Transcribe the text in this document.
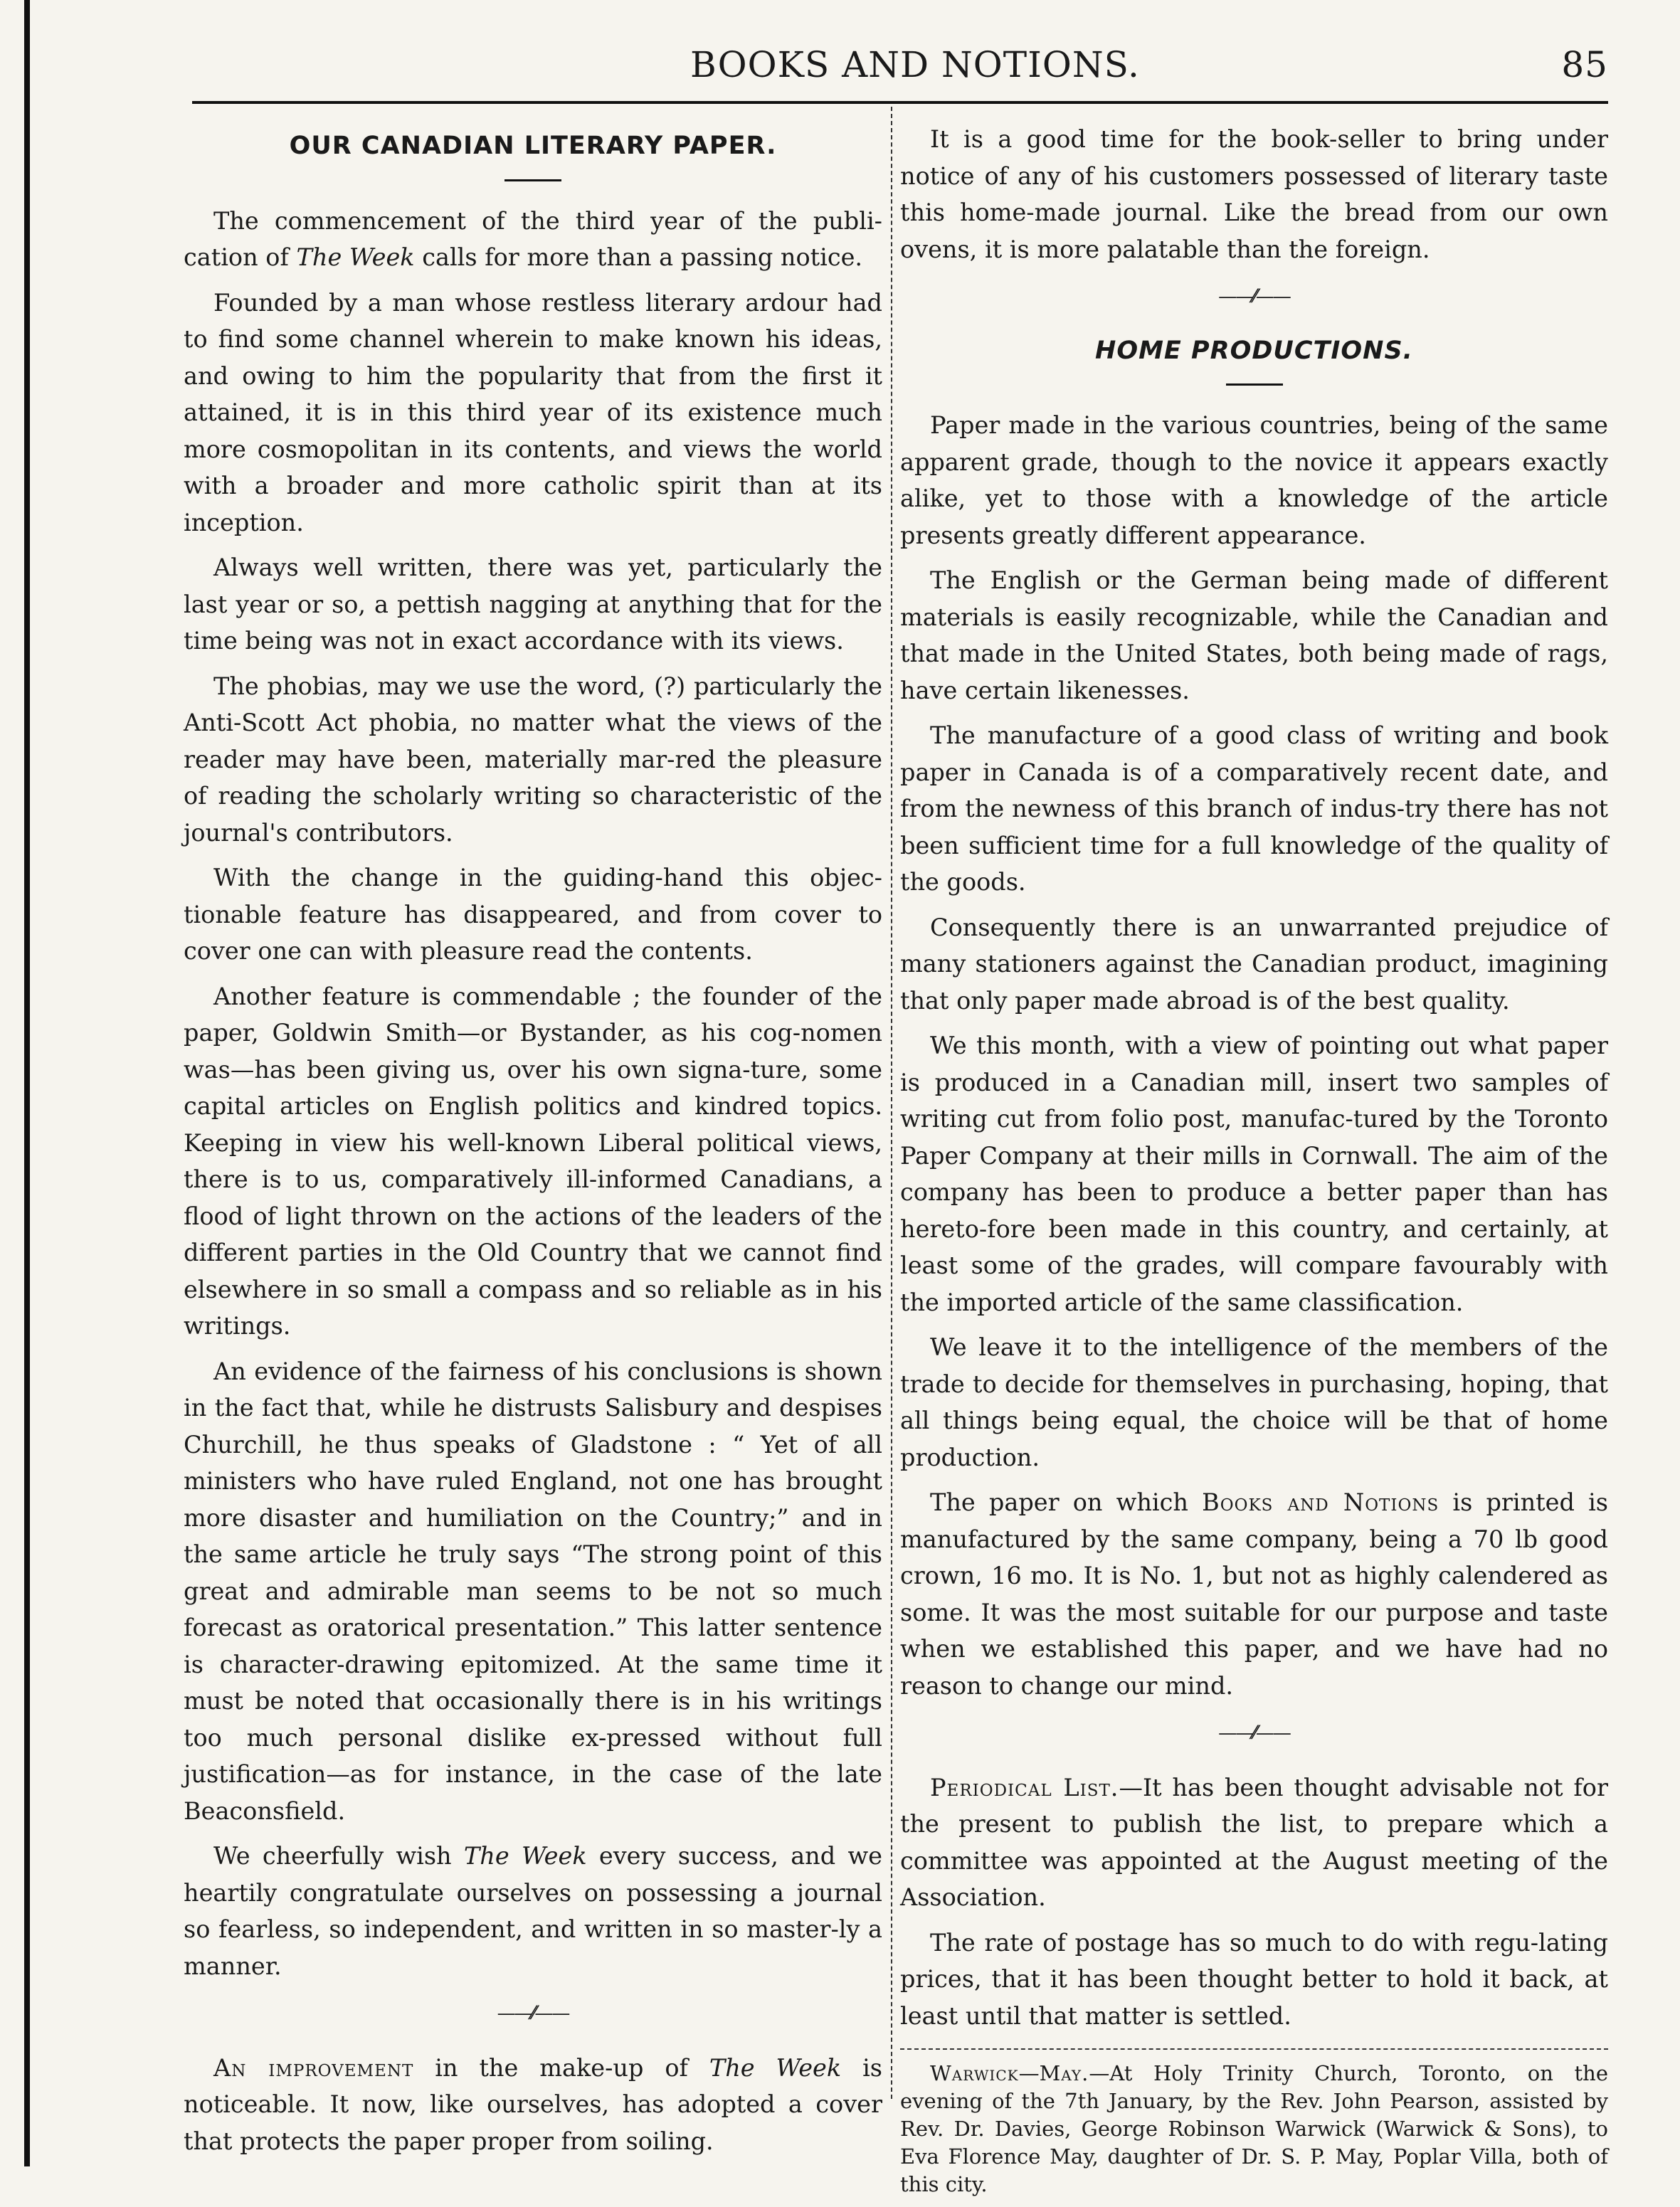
BOOKS AND NOTIONS.	85
OUR CANADIAN LITERARY PAPER.

The commencement of the third year of the publi-cation of The Week calls for more than a passing notice.

Founded by a man whose restless literary ardour had to find some channel wherein to make known his ideas, and owing to him the popularity that from the first it attained, it is in this third year of its existence much more cosmopolitan in its contents, and views the world with a broader and more catholic spirit than at its inception.

Always well written, there was yet, particularly the last year or so, a pettish nagging at anything that for the time being was not in exact accordance with its views.

The phobias, may we use the word, (?) particularly the Anti-Scott Act phobia, no matter what the views of the reader may have been, materially mar-red the pleasure of reading the scholarly writing so characteristic of the journal's contributors.

With the change in the guiding-hand this objec-tionable feature has disappeared, and from cover to cover one can with pleasure read the contents.

Another feature is commendable ; the founder of the paper, Goldwin Smith—or Bystander, as his cog-nomen was—has been giving us, over his own signa-ture, some capital articles on English politics and kindred topics. Keeping in view his well-known Liberal political views, there is to us, comparatively ill-informed Canadians, a flood of light thrown on the actions of the leaders of the different parties in the Old Country that we cannot find elsewhere in so small a compass and so reliable as in his writings.

An evidence of the fairness of his conclusions is shown in the fact that, while he distrusts Salisbury and despises Churchill, he thus speaks of Gladstone : “ Yet of all ministers who have ruled England, not one has brought more disaster and humiliation on the Country;” and in the same article he truly says “The strong point of this great and admirable man seems to be not so much forecast as oratorical presentation.” This latter sentence is character-drawing epitomized. At the same time it must be noted that occasionally there is in his writings too much personal dislike ex-pressed without full justification—as for instance, in the case of the late Beaconsfield.

We cheerfully wish The Week every success, and we heartily congratulate ourselves on possessing a journal so fearless, so independent, and written in so master-ly a manner.

——⁄⁄——

An improvement in the make-up of The Week is noticeable. It now, like ourselves, has adopted a cover that protects the paper proper from soiling.

It is a good time for the book-seller to bring under notice of any of his customers possessed of literary taste this home-made journal. Like the bread from our own ovens, it is more palatable than the foreign.

——⁄⁄——
HOME PRODUCTIONS.

Paper made in the various countries, being of the same apparent grade, though to the novice it appears exactly alike, yet to those with a knowledge of the article presents greatly different appearance.

The English or the German being made of different materials is easily recognizable, while the Canadian and that made in the United States, both being made of rags, have certain likenesses.

The manufacture of a good class of writing and book paper in Canada is of a comparatively recent date, and from the newness of this branch of indus-try there has not been sufficient time for a full knowledge of the quality of the goods.

Consequently there is an unwarranted prejudice of many stationers against the Canadian product, imagining that only paper made abroad is of the best quality.

We this month, with a view of pointing out what paper is produced in a Canadian mill, insert two samples of writing cut from folio post, manufac-tured by the Toronto Paper Company at their mills in Cornwall. The aim of the company has been to produce a better paper than has hereto-fore been made in this country, and certainly, at least some of the grades, will compare favourably with the imported article of the same classification.

We leave it to the intelligence of the members of the trade to decide for themselves in purchasing, hoping, that all things being equal, the choice will be that of home production.

The paper on which Books and Notions is printed is manufactured by the same company, being a 70 lb good crown, 16 mo. It is No. 1, but not as highly calendered as some. It was the most suitable for our purpose and taste when we established this paper, and we have had no reason to change our mind.

——⁄⁄——

Periodical List.—It has been thought advisable not for the present to publish the list, to prepare which a committee was appointed at the August meeting of the Association.

The rate of postage has so much to do with regu-lating prices, that it has been thought better to hold it back, at least until that matter is settled.

Warwick—May.—At Holy Trinity Church, Toronto, on the evening of the 7th January, by the Rev. John Pearson, assisted by Rev. Dr. Davies, George Robinson Warwick (Warwick & Sons), to Eva Florence May, daughter of Dr. S. P. May, Poplar Villa, both of this city.
